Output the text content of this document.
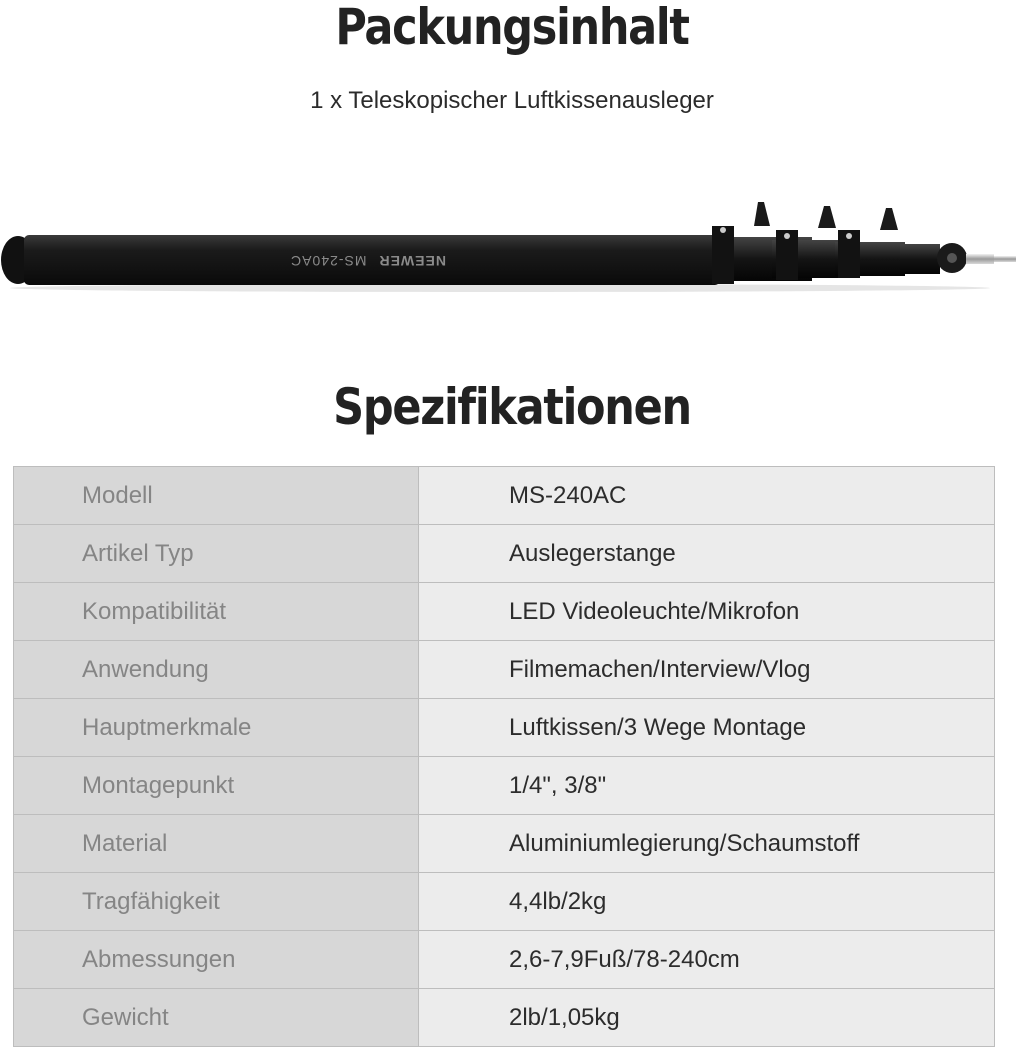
Packungsinhalt
1 x Teleskopischer Luftkissenausleger
NEEWERMS-240AC
Spezifikationen
Modell	MS-240AC
Artikel Typ	Auslegerstange
Kompatibilität	LED Videoleuchte/Mikrofon
Anwendung	Filmemachen/Interview/Vlog
Hauptmerkmale	Luftkissen/3 Wege Montage
Montagepunkt	1/4", 3/8"
Material	Aluminiumlegierung/Schaumstoff
Tragfähigkeit	4,4lb/2kg
Abmessungen	2,6-7,9Fuß/78-240cm
Gewicht	2lb/1,05kg
